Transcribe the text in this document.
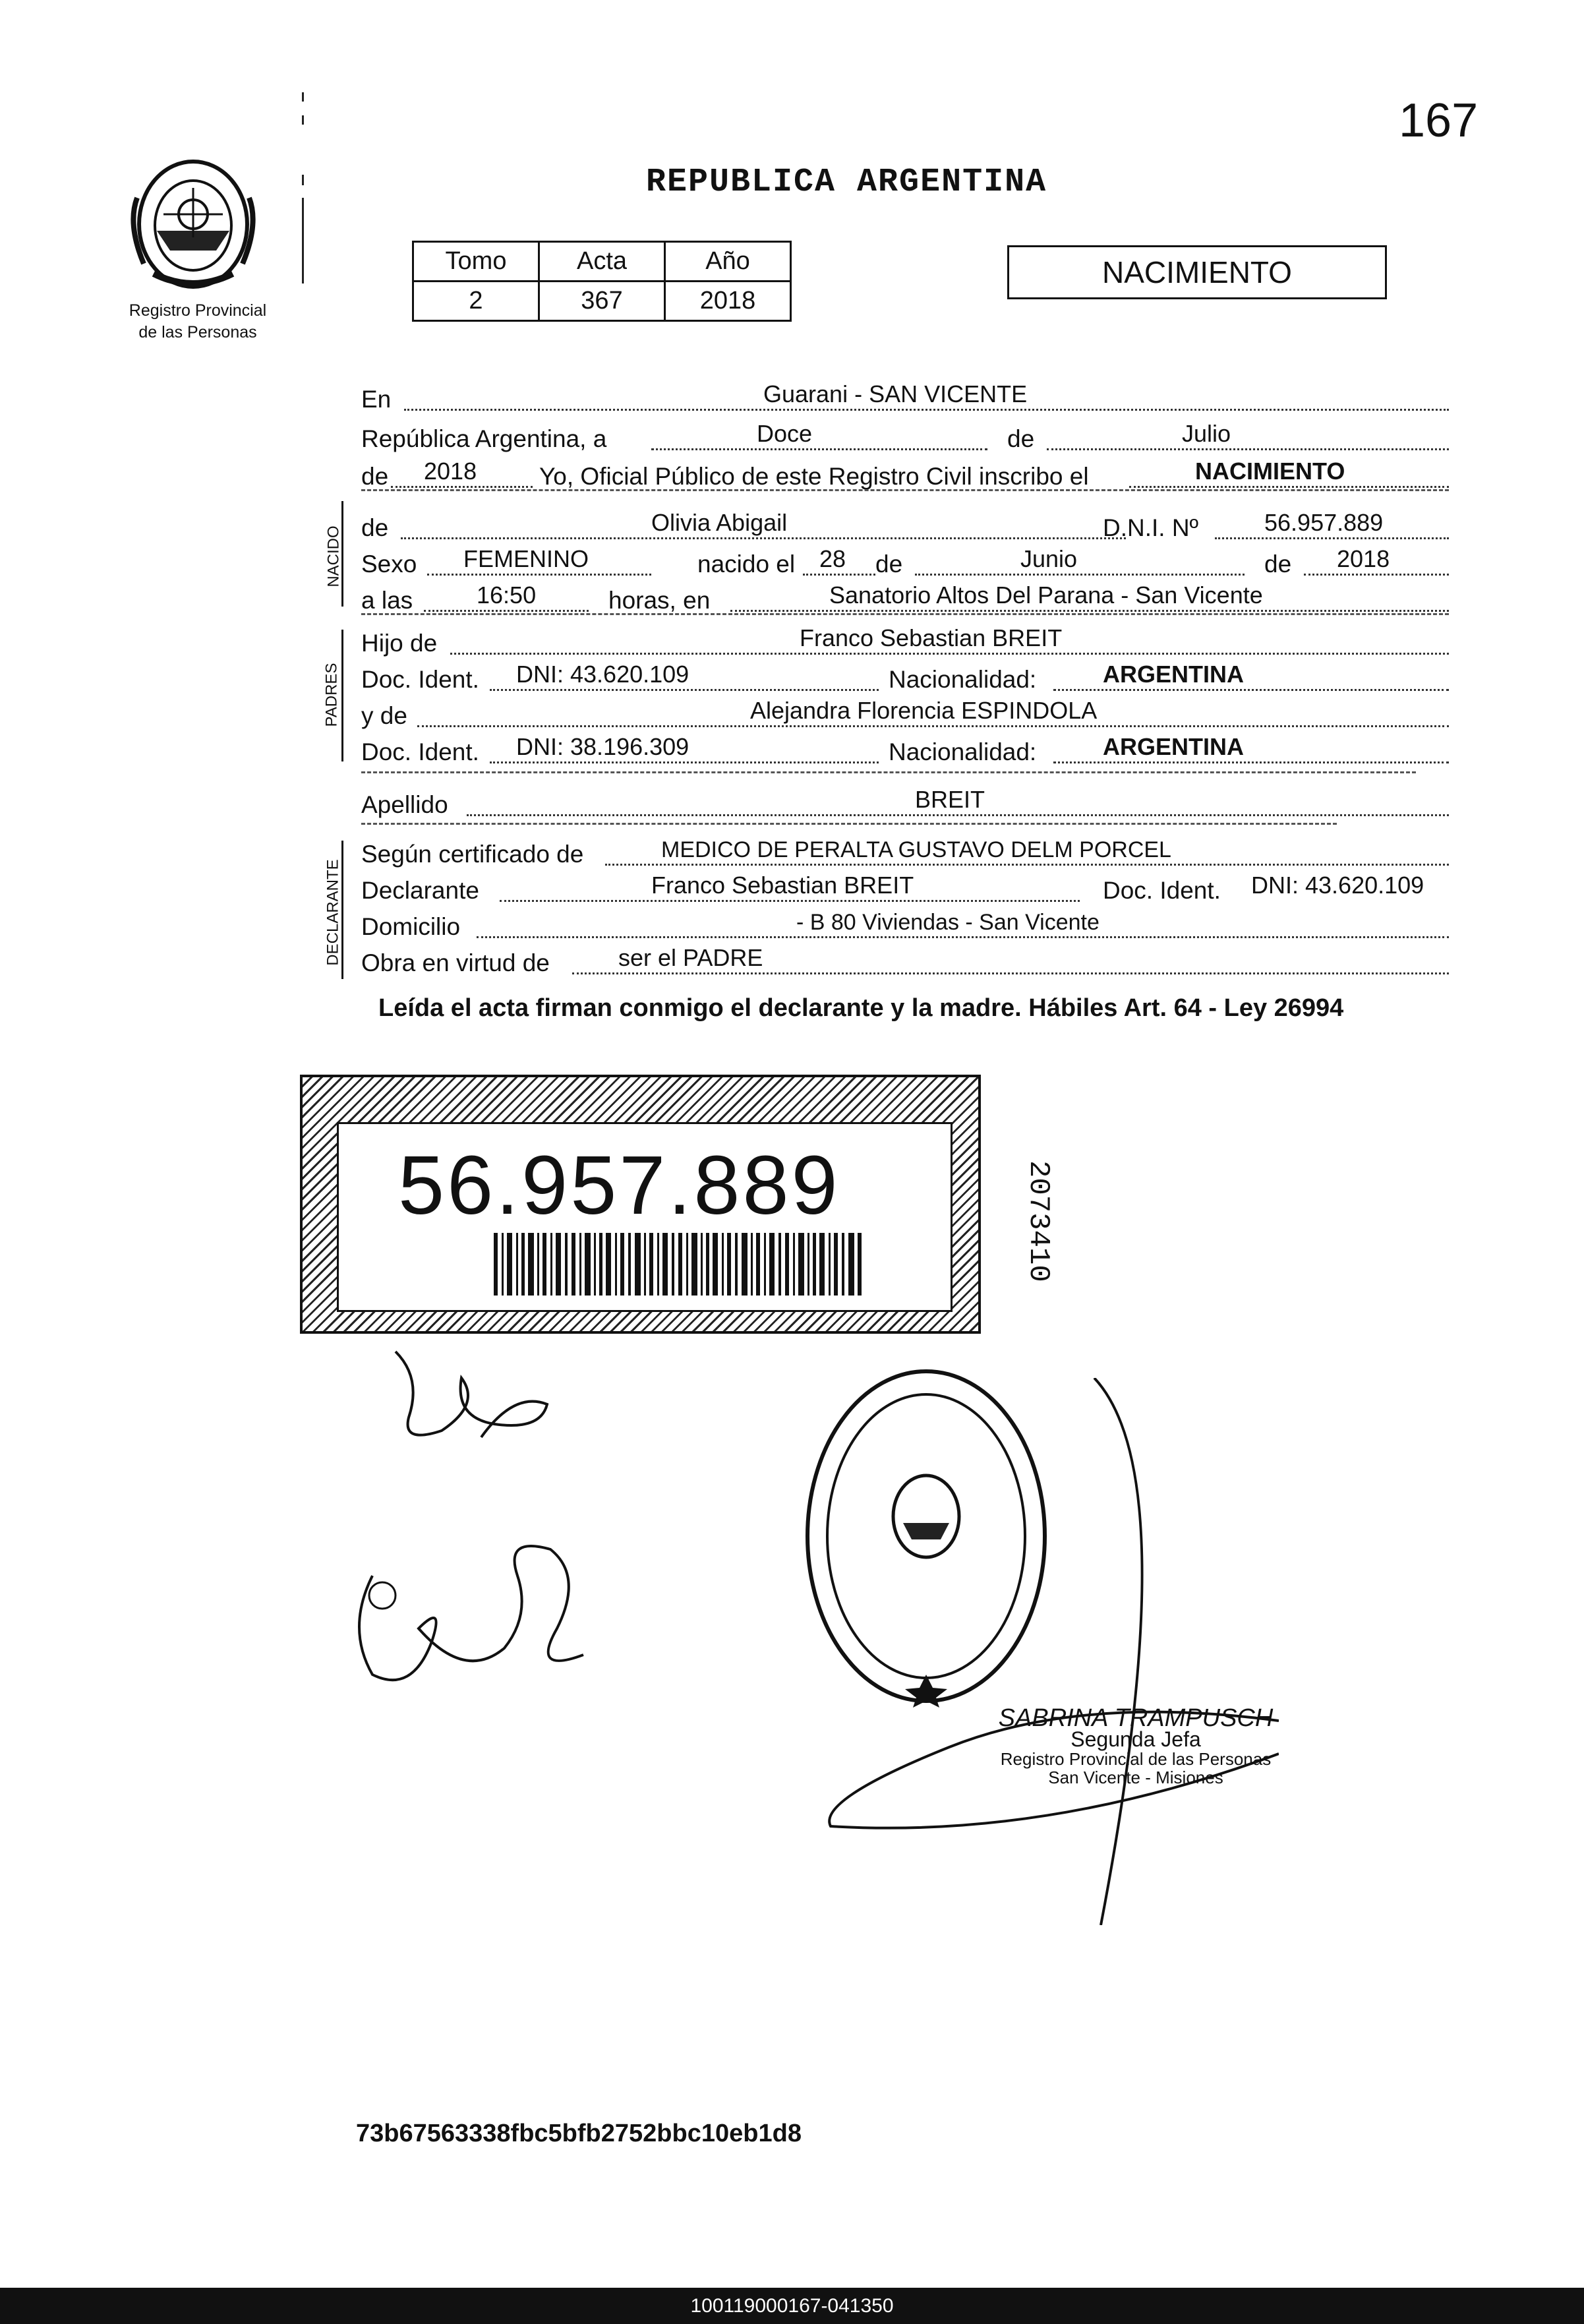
167
REPUBLICA ARGENTINA
Registro Provincial
de las Personas
Tomo	Acta	Año
2	367	2018
NACIMIENTO
En	Guarani - SAN VICENTE
República Argentina, a	Doce	de	Julio
de 2018	Yo, Oficial Público de este Registro Civil inscribo el	NACIMIENTO
NACIDO de	Olivia Abigail	D.N.I. Nº	56.957.889
Sexo FEMENINO	nacido el 28 de	Junio	de 2018
a las	16:50	horas, en	Sanatorio Altos Del Parana - San Vicente
PADRES
Hijo de	Franco Sebastian BREIT
Doc. Ident. DNI: 43.620.109	Nacionalidad:	ARGENTINA
y de	Alejandra Florencia ESPINDOLA
Doc. Ident. DNI: 38.196.309	Nacionalidad:	ARGENTINA
Apellido	BREIT
DECLARANTE
Según certificado de	MEDICO DE PERALTA GUSTAVO DELM PORCEL
Declarante	Franco Sebastian BREIT	Doc. Ident. DNI: 43.620.109
Domicilio	- B 80 Viviendas - San Vicente
Obra en virtud de	ser el PADRE
Leída el acta firman conmigo el declarante y la madre. Hábiles Art. 64 - Ley 26994
56.957.889	2073410
SABRINA TRAMPUSCH
Segunda Jefa
Registro Provincial de las Personas
San Vicente - Misiones
73b67563338fbc5bfb2752bbc10eb1d8
100119000167-041350
